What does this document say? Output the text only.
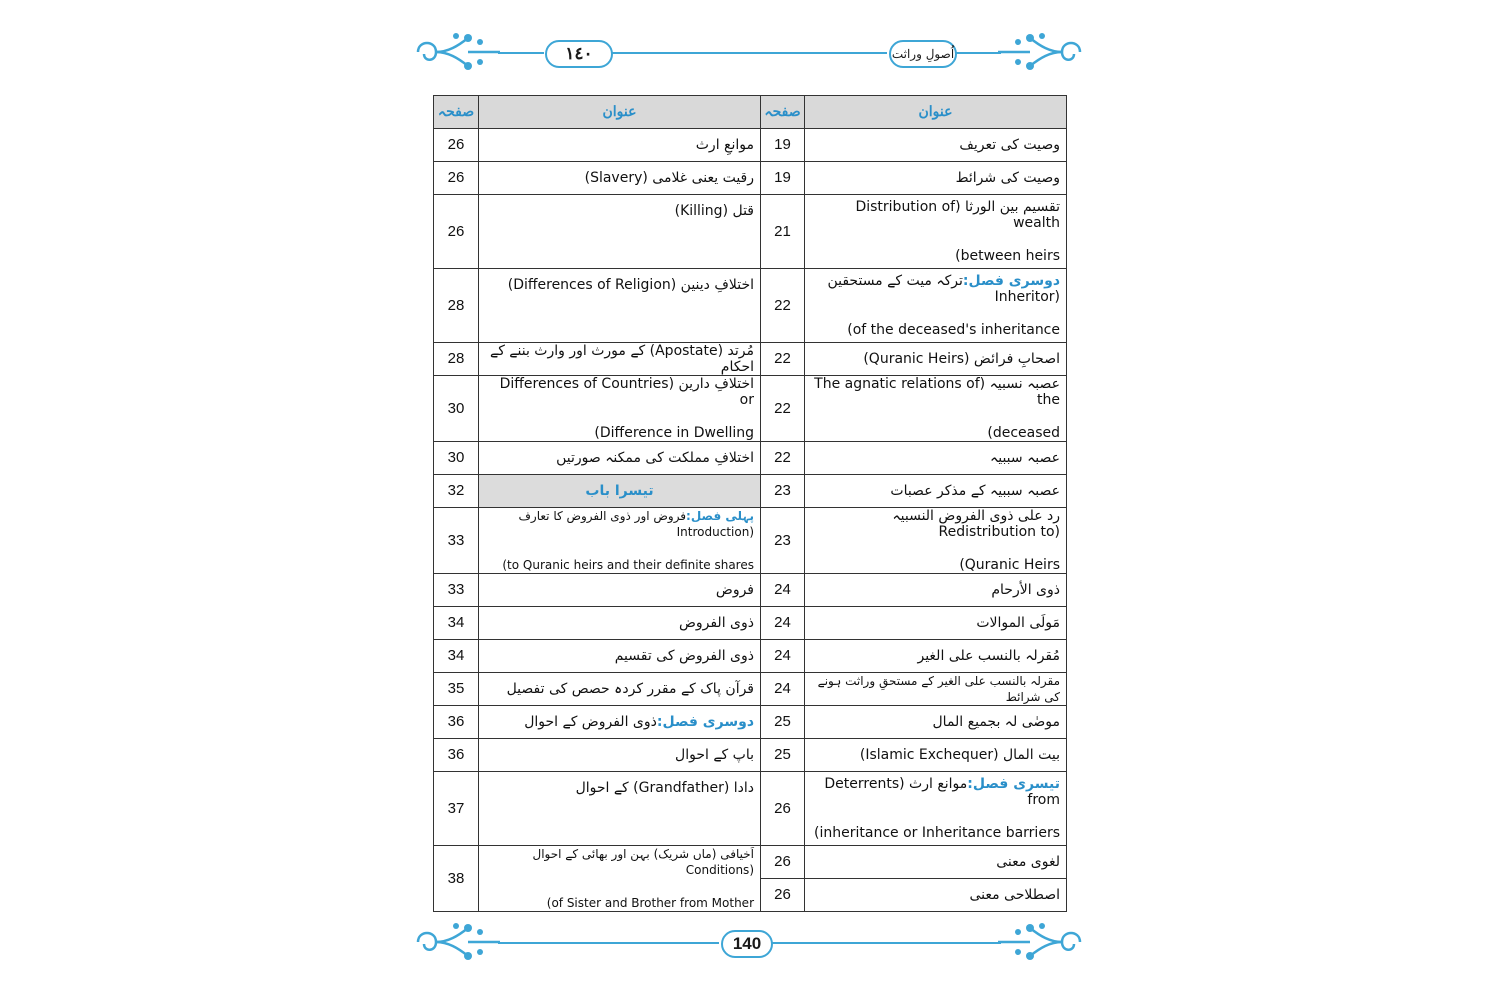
١٤٠	اُصولِ وراثت
عنوان	صفحہ	عنوان	صفحہ
وصیت کی تعریف	19	موانعِ ارث	26
وصیت کی شرائط	19	رقیت یعنی غلامی (Slavery)	26
تقسیم بین الورثا (Distribution of wealth
between heirs)	21	قتل (Killing)	26
دوسری فصل:ترکہ میت کے مستحقین (Inheritor
of the deceased's inheritance)	22	اختلافِ دینین (Differences of Religion)	28
اصحابِ فرائض (Quranic Heirs)	22	مُرتد (Apostate) کے مورث اور وارث بننے کے احکام	28
عصبہ نسبیہ (The agnatic relations of the
deceased)	22	اختلافِ دارین (Differences of Countries or
Difference in Dwelling)	30
عصبہ سببیہ	22	اختلافِ مملکت کی ممکنہ صورتیں	30
عصبہ سببیہ کے مذکر عصبات	23	تیسرا باب	32
رد علی ذوی الفروض النسبیہ (Redistribution to
Quranic Heirs)	23	پہلی فصل:فروض اور ذوی الفروض کا تعارف (Introduction
to Quranic heirs and their definite shares)	33
ذوی الأرحام	24	فروض	33
مَولَی الموالات	24	ذوی الفروض	34
مُقرلہ بالنسب علی الغیر	24	ذوی الفروض کی تقسیم	34
مقرلہ بالنسب علی الغیر کے مستحقِ وراثت ہونے کی شرائط	24	قرآن پاک کے مقرر کردہ حصص کی تفصیل	35
موصٰی لہ بجمیع المال	25	دوسری فصل:ذوی الفروض کے احوال	36
بیت المال (Islamic Exchequer)	25	باپ کے احوال	36
تیسری فصل:موانع ارث (Deterrents from
inheritance or Inheritance barriers)	26	دادا (Grandfather) کے احوال	37
لغوی معنی	26	اَخیافی (ماں شریک) بہن اور بھائی کے احوال (Conditions
of Sister and Brother from Mother)	38
اصطلاحی معنی	26		
140
